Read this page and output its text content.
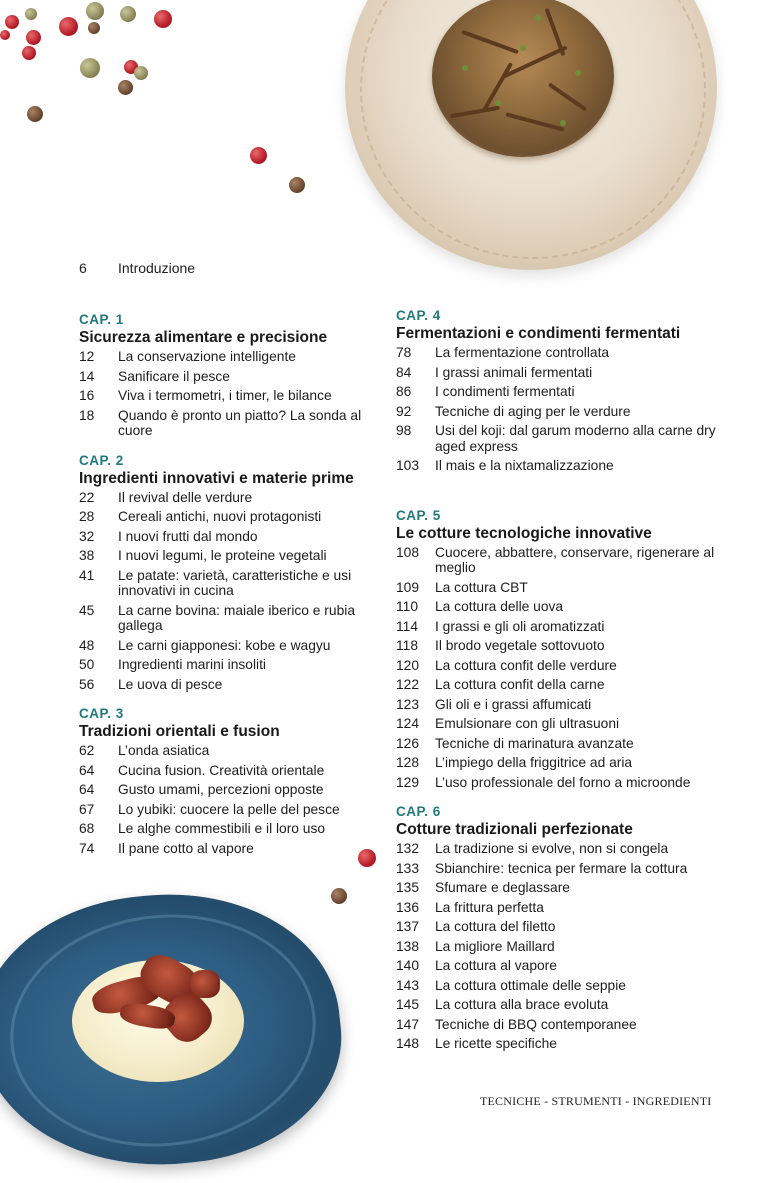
6	Introduzione
CAP. 1
Sicurezza alimentare e precisione
12	La conservazione intelligente
14	Sanificare il pesce
16	Viva i termometri, i timer, le bilance
18	Quando è pronto un piatto? La sonda al cuore
CAP. 2
Ingredienti innovativi e materie prime
22	Il revival delle verdure
28	Cereali antichi, nuovi protagonisti
32	I nuovi frutti dal mondo
38	I nuovi legumi, le proteine vegetali
41	Le patate: varietà, caratteristiche e usi innovativi in cucina
45	La carne bovina: maiale iberico e rubia gallega
48	Le carni giapponesi: kobe e wagyu
50	Ingredienti marini insoliti
56	Le uova di pesce
CAP. 3
Tradizioni orientali e fusion
62	L’onda asiatica
64	Cucina fusion. Creatività orientale
64	Gusto umami, percezioni opposte
67	Lo yubiki: cuocere la pelle del pesce
68	Le alghe commestibili e il loro uso
74	Il pane cotto al vapore
CAP. 4
Fermentazioni e condimenti fermentati
78	La fermentazione controllata
84	I grassi animali fermentati
86	I condimenti fermentati
92	Tecniche di aging per le verdure
98	Usi del koji: dal garum moderno alla carne dry aged express
103	Il mais e la nixtamalizzazione
CAP. 5
Le cotture tecnologiche innovative
108	Cuocere, abbattere, conservare, rigenerare al meglio
109	La cottura CBT
110	La cottura delle uova
114	I grassi e gli oli aromatizzati
118	Il brodo vegetale sottovuoto
120	La cottura confit delle verdure
122	La cottura confit della carne
123	Gli oli e i grassi affumicati
124	Emulsionare con gli ultrasuoni
126	Tecniche di marinatura avanzate
128	L’impiego della friggitrice ad aria
129	L’uso professionale del forno a microonde
CAP. 6
Cotture tradizionali perfezionate
132	La tradizione si evolve, non si congela
133	Sbianchire: tecnica per fermare la cottura
135	Sfumare e deglassare
136	La frittura perfetta
137	La cottura del filetto
138	La migliore Maillard
140	La cottura al vapore
143	La cottura ottimale delle seppie
145	La cottura alla brace evoluta
147	Tecniche di BBQ contemporanee
148	Le ricette specifiche
TECNICHE - STRUMENTI - INGREDIENTI
